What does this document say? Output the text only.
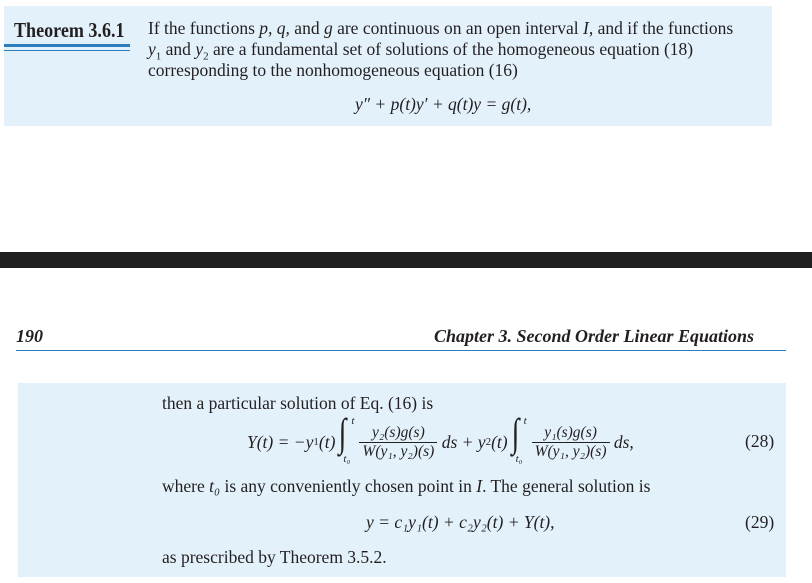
Theorem 3.6.1 If the functions p, q, and g are continuous on an open interval I, and if the functions
$y_1$ and $y_2$ are a fundamental set of solutions of the homogeneous equation (18)
corresponding to the nonhomogeneous equation (16)
y″ + p(t)y′ + q(t)y = g(t),
190	Chapter 3. Second Order Linear Equations
then a particular solution of Eq. (16) is
Y(t) = −y 1 (t) ∫ t
$t_0 \frac{\text{y₂(s)g(s)}}{\text{W(y₁, y₂)(s)}}$
ds + y 2 (t) ∫ t
$t_0 \frac{\text{y₁(s)g(s)}}{\text{W(y₁, y₂)(s)}}$
ds,	(28)
where t₀ is any conveniently chosen point in I. The general solution is
y = c₁y₁(t) + c₂y₂(t) + Y(t),	(29)
as prescribed by Theorem 3.5.2.
